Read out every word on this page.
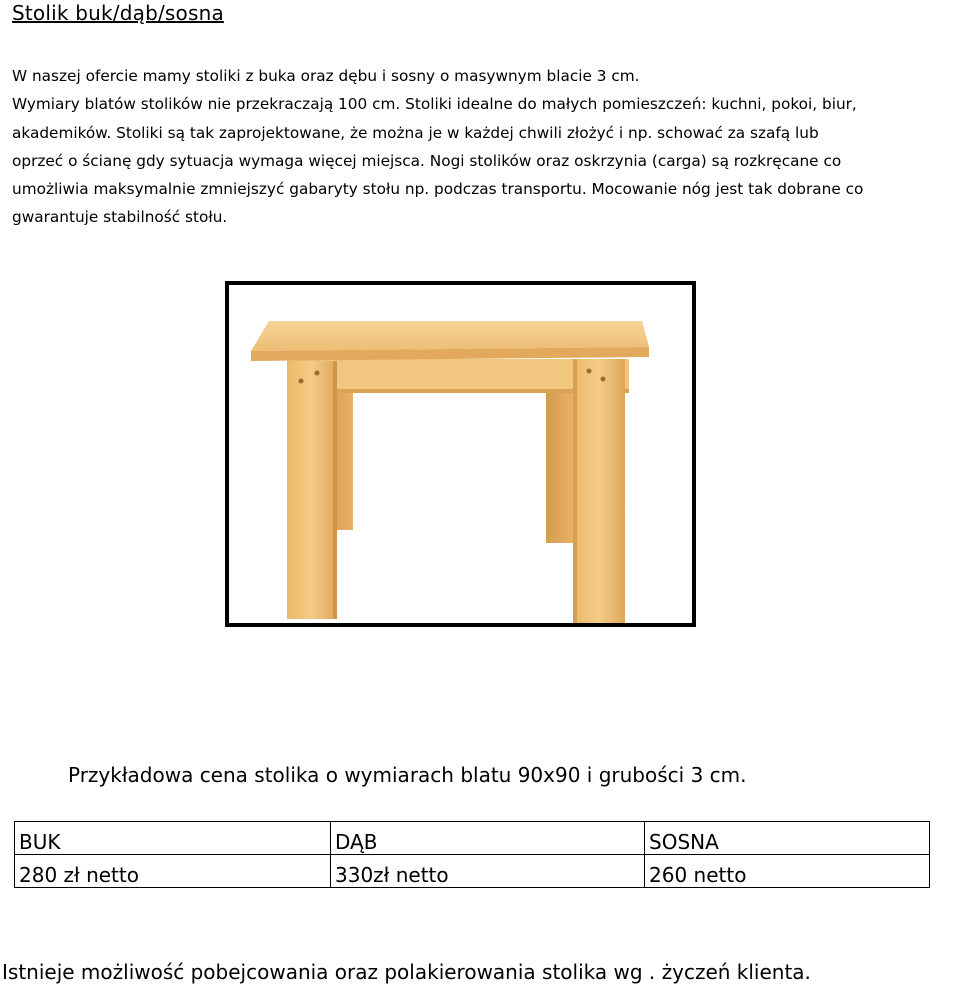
Stolik buk/dąb/sosna
W naszej ofercie mamy stoliki z buka oraz dębu i sosny o masywnym blacie 3 cm.
Wymiary blatów stolików nie przekraczają 100 cm. Stoliki idealne do małych pomieszczeń: kuchni, pokoi, biur,
akademików. Stoliki są tak zaprojektowane, że można je w każdej chwili złożyć i np. schować za szafą lub
oprzeć o ścianę gdy sytuacja wymaga więcej miejsca. Nogi stolików oraz oskrzynia (carga) są rozkręcane co
umożliwia maksymalnie zmniejszyć gabaryty stołu np. podczas transportu. Mocowanie nóg jest tak dobrane co
gwarantuje stabilność stołu.
Przykładowa cena stolika o wymiarach blatu 90x90 i grubości 3 cm.
BUK	DĄB	SOSNA
280 zł netto	330zł netto	260 netto
Istnieje możliwość pobejcowania oraz polakierowania stolika wg . życzeń klienta.
